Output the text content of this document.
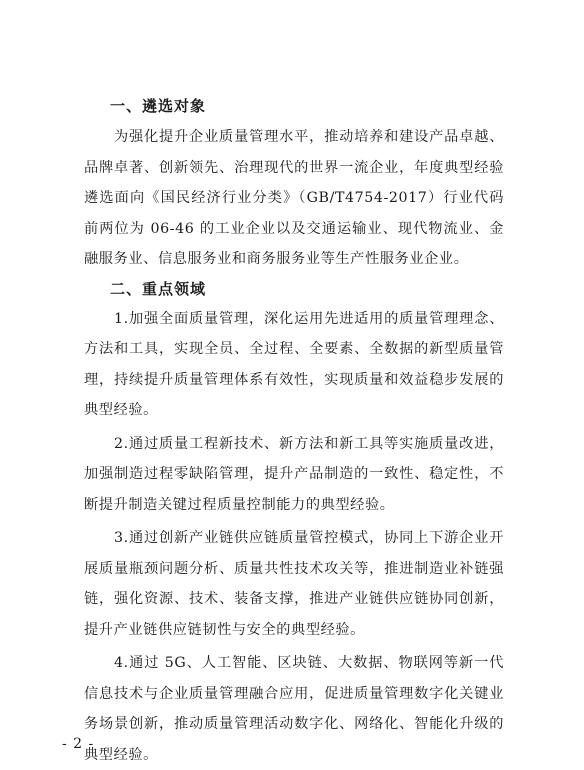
一、遴选对象

为强化提升企业质量管理水平，推动培养和建设产品卓越、品牌卓著、创新领先、治理现代的世界一流企业，年度典型经验遴选面向《国民经济行业分类》（GB/T4754-2017）行业代码前两位为 06-46 的工业企业以及交通运输业、现代物流业、金融服务业、信息服务业和商务服务业等生产性服务业企业。

二、重点领域

1.加强全面质量管理，深化运用先进适用的质量管理理念、方法和工具，实现全员、全过程、全要素、全数据的新型质量管理，持续提升质量管理体系有效性，实现质量和效益稳步发展的典型经验。

2.通过质量工程新技术、新方法和新工具等实施质量改进，加强制造过程零缺陷管理，提升产品制造的一致性、稳定性，不断提升制造关键过程质量控制能力的典型经验。

3.通过创新产业链供应链质量管控模式，协同上下游企业开展质量瓶颈问题分析、质量共性技术攻关等，推进制造业补链强链，强化资源、技术、装备支撑，推进产业链供应链协同创新，提升产业链供应链韧性与安全的典型经验。

4.通过 5G、人工智能、区块链、大数据、物联网等新一代信息技术与企业质量管理融合应用，促进质量管理数字化关键业务场景创新，推动质量管理活动数字化、网络化、智能化升级的典型经验。

- 2 -
